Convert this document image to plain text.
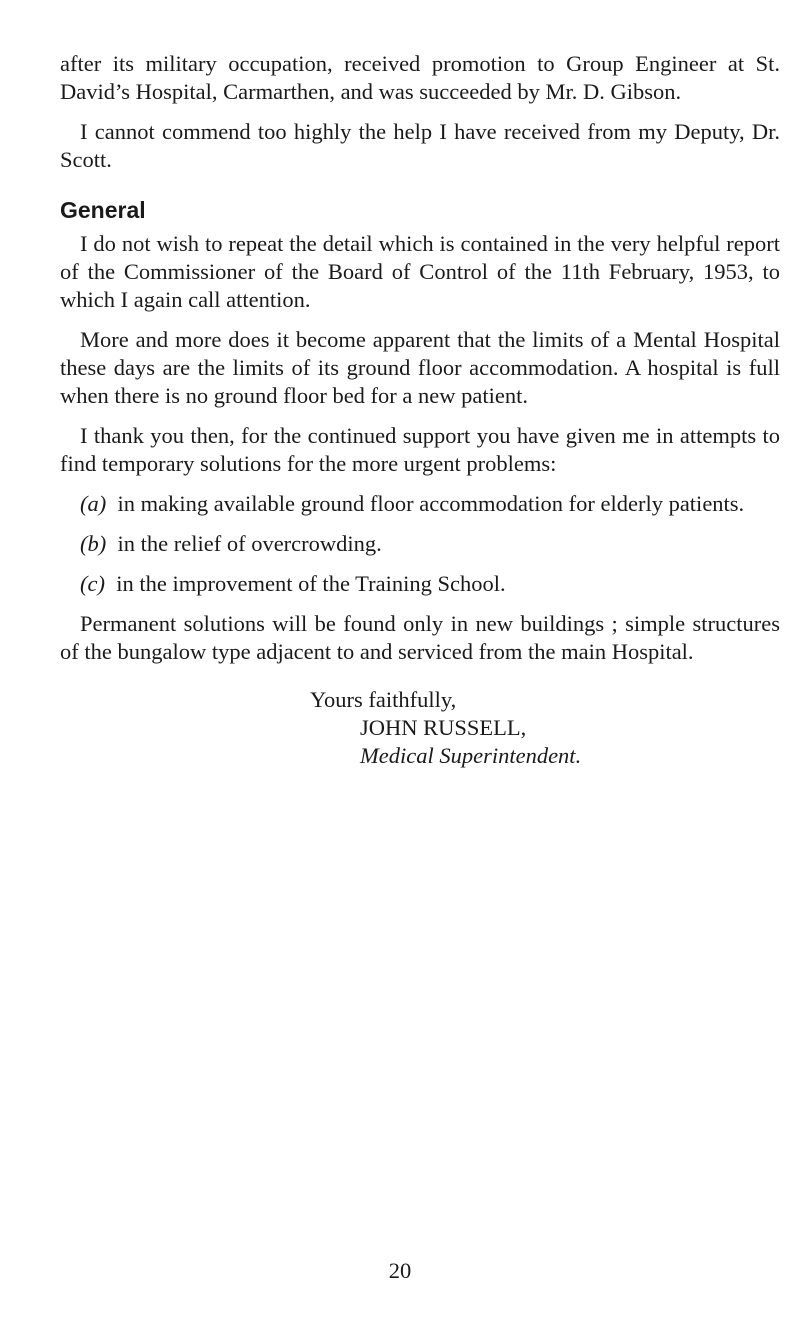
after its military occupation, received promotion to Group Engineer at St. David’s Hospital, Carmarthen, and was succeeded by Mr. D. Gibson.

I cannot commend too highly the help I have received from my Deputy, Dr. Scott.

General

I do not wish to repeat the detail which is contained in the very helpful report of the Commissioner of the Board of Control of the 11th February, 1953, to which I again call attention.

More and more does it become apparent that the limits of a Mental Hospital these days are the limits of its ground floor accommodation. A hospital is full when there is no ground floor bed for a new patient.

I thank you then, for the continued support you have given me in attempts to find temporary solutions for the more urgent problems:

(a) in making available ground floor accommodation for elderly patients.

(b) in the relief of overcrowding.

(c) in the improvement of the Training School.

Permanent solutions will be found only in new buildings ; simple structures of the bungalow type adjacent to and serviced from the main Hospital.

Yours faithfully,
JOHN RUSSELL,
Medical Superintendent.
20
